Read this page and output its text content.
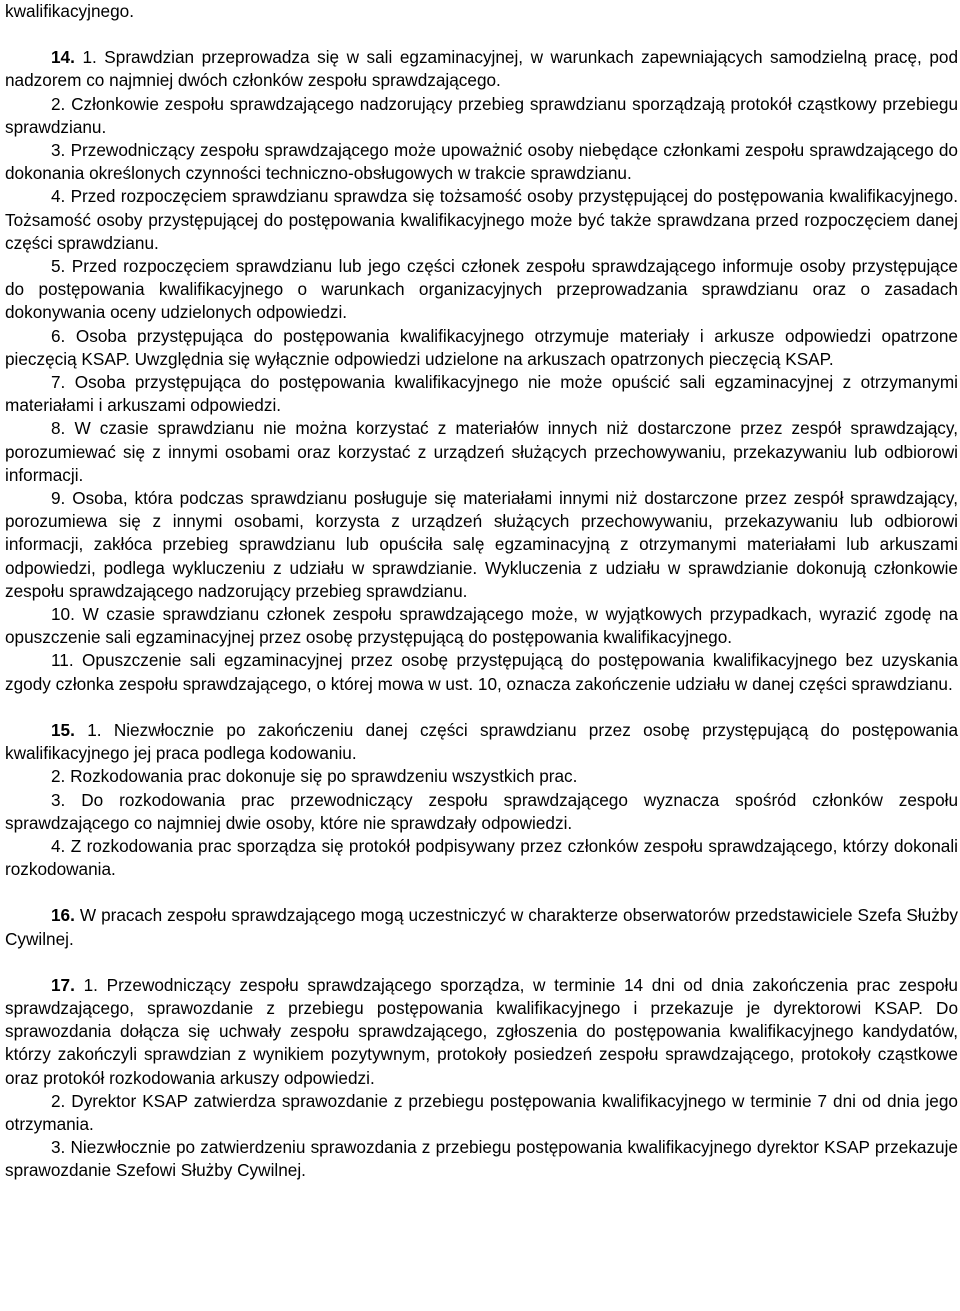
kwalifikacyjnego.

14. 1. Sprawdzian przeprowadza się w sali egzaminacyjnej, w warunkach zapewniających samodzielną pracę, pod nadzorem co najmniej dwóch członków zespołu sprawdzającego.

2. Członkowie zespołu sprawdzającego nadzorujący przebieg sprawdzianu sporządzają protokół cząstkowy przebiegu sprawdzianu.

3. Przewodniczący zespołu sprawdzającego może upoważnić osoby niebędące członkami zespołu sprawdzającego do dokonania określonych czynności techniczno-obsługowych w trakcie sprawdzianu.

4. Przed rozpoczęciem sprawdzianu sprawdza się tożsamość osoby przystępującej do postępowania kwalifikacyjnego. Tożsamość osoby przystępującej do postępowania kwalifikacyjnego może być także sprawdzana przed rozpoczęciem danej części sprawdzianu.

5. Przed rozpoczęciem sprawdzianu lub jego części członek zespołu sprawdzającego informuje osoby przystępujące do postępowania kwalifikacyjnego o warunkach organizacyjnych przeprowadzania sprawdzianu oraz o zasadach dokonywania oceny udzielonych odpowiedzi.

6. Osoba przystępująca do postępowania kwalifikacyjnego otrzymuje materiały i arkusze odpowiedzi opatrzone pieczęcią KSAP. Uwzględnia się wyłącznie odpowiedzi udzielone na arkuszach opatrzonych pieczęcią KSAP.

7. Osoba przystępująca do postępowania kwalifikacyjnego nie może opuścić sali egzaminacyjnej z otrzymanymi materiałami i arkuszami odpowiedzi.

8. W czasie sprawdzianu nie można korzystać z materiałów innych niż dostarczone przez zespół sprawdzający, porozumiewać się z innymi osobami oraz korzystać z urządzeń służących przechowywaniu, przekazywaniu lub odbiorowi informacji.

9. Osoba, która podczas sprawdzianu posługuje się materiałami innymi niż dostarczone przez zespół sprawdzający, porozumiewa się z innymi osobami, korzysta z urządzeń służących przechowywaniu, przekazywaniu lub odbiorowi informacji, zakłóca przebieg sprawdzianu lub opuściła salę egzaminacyjną z otrzymanymi materiałami lub arkuszami odpowiedzi, podlega wykluczeniu z udziału w sprawdzianie. Wykluczenia z udziału w sprawdzianie dokonują członkowie zespołu sprawdzającego nadzorujący przebieg sprawdzianu.

10. W czasie sprawdzianu członek zespołu sprawdzającego może, w wyjątkowych przypadkach, wyrazić zgodę na opuszczenie sali egzaminacyjnej przez osobę przystępującą do postępowania kwalifikacyjnego.

11. Opuszczenie sali egzaminacyjnej przez osobę przystępującą do postępowania kwalifikacyjnego bez uzyskania zgody członka zespołu sprawdzającego, o której mowa w ust. 10, oznacza zakończenie udziału w danej części sprawdzianu.

15. 1. Niezwłocznie po zakończeniu danej części sprawdzianu przez osobę przystępującą do postępowania kwalifikacyjnego jej praca podlega kodowaniu.

2. Rozkodowania prac dokonuje się po sprawdzeniu wszystkich prac.

3. Do rozkodowania prac przewodniczący zespołu sprawdzającego wyznacza spośród członków zespołu sprawdzającego co najmniej dwie osoby, które nie sprawdzały odpowiedzi.

4. Z rozkodowania prac sporządza się protokół podpisywany przez członków zespołu sprawdzającego, którzy dokonali rozkodowania.

16. W pracach zespołu sprawdzającego mogą uczestniczyć w charakterze obserwatorów przedstawiciele Szefa Służby Cywilnej.

17. 1. Przewodniczący zespołu sprawdzającego sporządza, w terminie 14 dni od dnia zakończenia prac zespołu sprawdzającego, sprawozdanie z przebiegu postępowania kwalifikacyjnego i przekazuje je dyrektorowi KSAP. Do sprawozdania dołącza się uchwały zespołu sprawdzającego, zgłoszenia do postępowania kwalifikacyjnego kandydatów, którzy zakończyli sprawdzian z wynikiem pozytywnym, protokoły posiedzeń zespołu sprawdzającego, protokoły cząstkowe oraz protokół rozkodowania arkuszy odpowiedzi.

2. Dyrektor KSAP zatwierdza sprawozdanie z przebiegu postępowania kwalifikacyjnego w terminie 7 dni od dnia jego otrzymania.

3. Niezwłocznie po zatwierdzeniu sprawozdania z przebiegu postępowania kwalifikacyjnego dyrektor KSAP przekazuje sprawozdanie Szefowi Służby Cywilnej.
